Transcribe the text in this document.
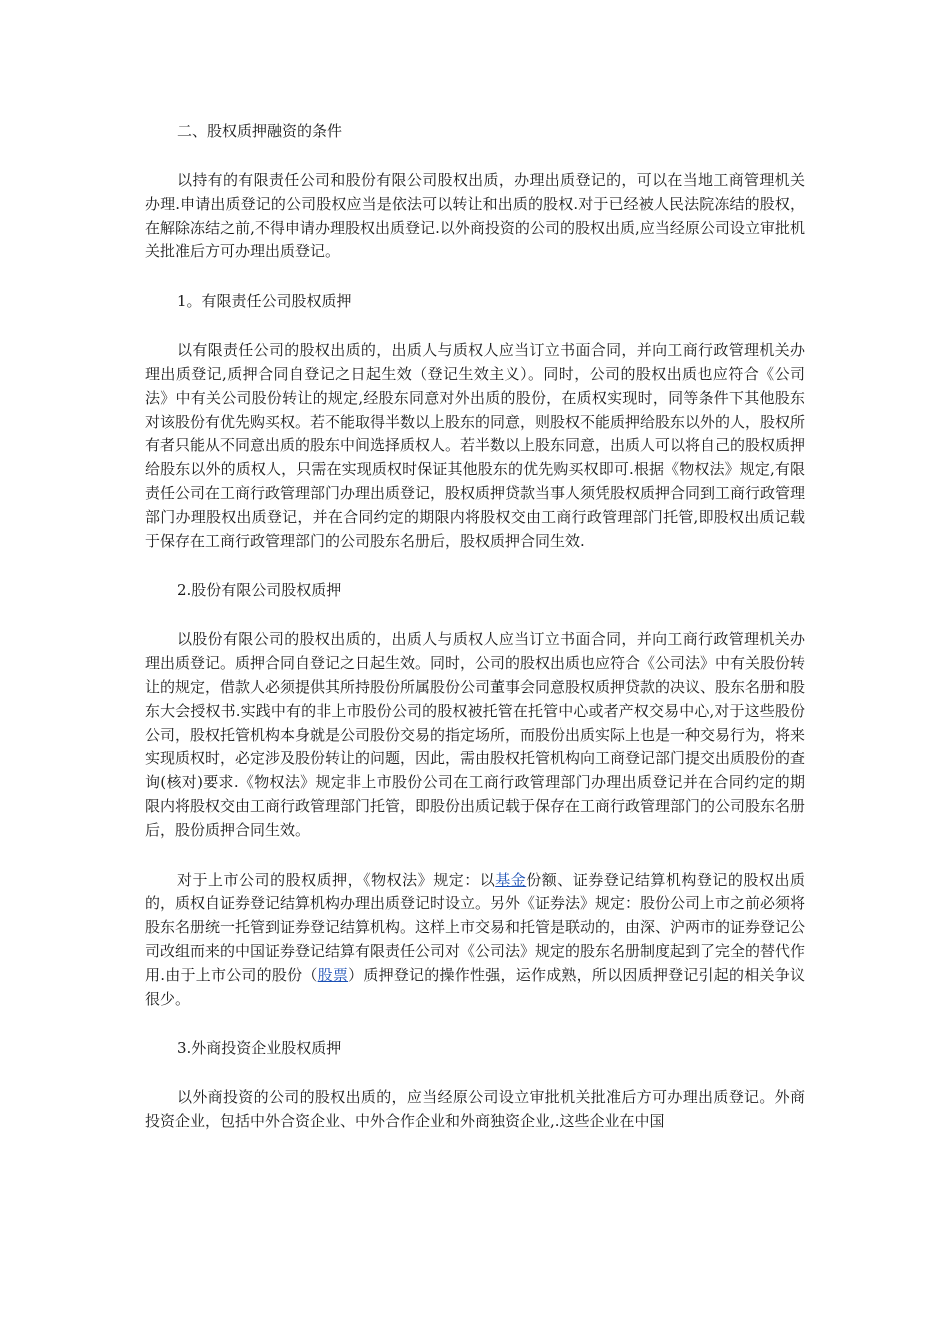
二、股权质押融资的条件

以持有的有限责任公司和股份有限公司股权出质，办理出质登记的，可以在当地工商管理机关办理.申请出质登记的公司股权应当是依法可以转让和出质的股权.对于已经被人民法院冻结的股权，在解除冻结之前,不得申请办理股权出质登记.以外商投资的公司的股权出质,应当经原公司设立审批机关批准后方可办理出质登记。

1。有限责任公司股权质押

以有限责任公司的股权出质的，出质人与质权人应当订立书面合同，并向工商行政管理机关办理出质登记,质押合同自登记之日起生效（登记生效主义）。同时，公司的股权出质也应符合《公司法》中有关公司股份转让的规定,经股东同意对外出质的股份，在质权实现时，同等条件下其他股东对该股份有优先购买权。若不能取得半数以上股东的同意，则股权不能质押给股东以外的人，股权所有者只能从不同意出质的股东中间选择质权人。若半数以上股东同意，出质人可以将自己的股权质押给股东以外的质权人，只需在实现质权时保证其他股东的优先购买权即可.根据《物权法》规定,有限责任公司在工商行政管理部门办理出质登记，股权质押贷款当事人须凭股权质押合同到工商行政管理部门办理股权出质登记，并在合同约定的期限内将股权交由工商行政管理部门托管,即股权出质记载于保存在工商行政管理部门的公司股东名册后，股权质押合同生效.

2.股份有限公司股权质押

以股份有限公司的股权出质的，出质人与质权人应当订立书面合同，并向工商行政管理机关办理出质登记。质押合同自登记之日起生效。同时，公司的股权出质也应符合《公司法》中有关股份转让的规定，借款人必须提供其所持股份所属股份公司董事会同意股权质押贷款的决议、股东名册和股东大会授权书.实践中有的非上市股份公司的股权被托管在托管中心或者产权交易中心,对于这些股份公司，股权托管机构本身就是公司股份交易的指定场所，而股份出质实际上也是一种交易行为，将来实现质权时，必定涉及股份转让的问题，因此，需由股权托管机构向工商登记部门提交出质股份的查询(核对)要求.《物权法》规定非上市股份公司在工商行政管理部门办理出质登记并在合同约定的期限内将股权交由工商行政管理部门托管，即股份出质记载于保存在工商行政管理部门的公司股东名册后，股份质押合同生效。

对于上市公司的股权质押，《物权法》规定：以基金份额、证券登记结算机构登记的股权出质的，质权自证券登记结算机构办理出质登记时设立。另外《证券法》规定：股份公司上市之前必须将股东名册统一托管到证券登记结算机构。这样上市交易和托管是联动的，由深、沪两市的证券登记公司改组而来的中国证券登记结算有限责任公司对《公司法》规定的股东名册制度起到了完全的替代作用.由于上市公司的股份（股票）质押登记的操作性强，运作成熟，所以因质押登记引起的相关争议很少。

3.外商投资企业股权质押

以外商投资的公司的股权出质的，应当经原公司设立审批机关批准后方可办理出质登记。外商投资企业，包括中外合资企业、中外合作企业和外商独资企业,.这些企业在中国
